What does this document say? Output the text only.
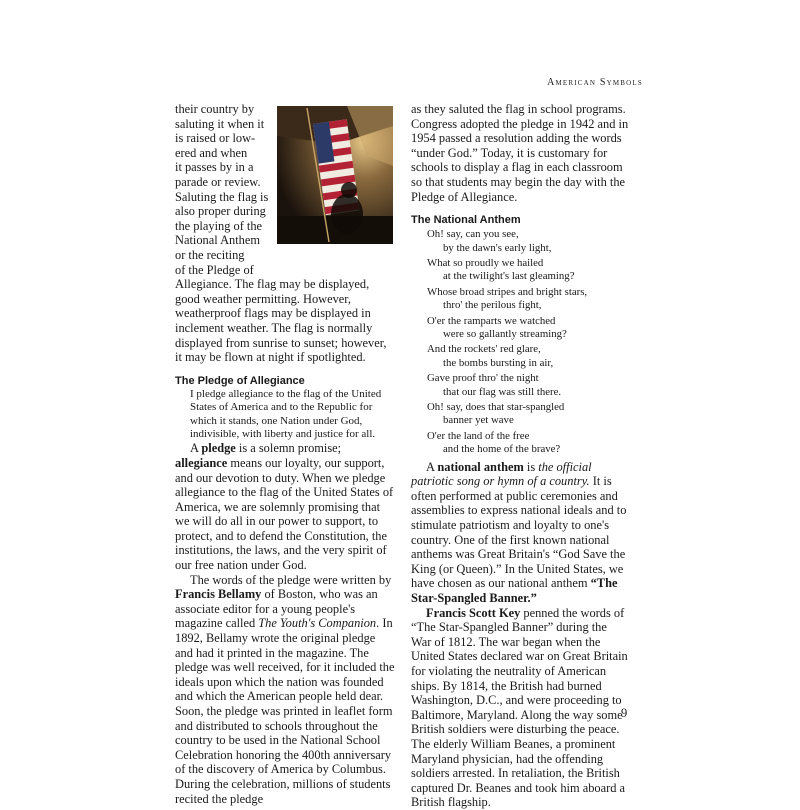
American Symbols

their country by
saluting it when it
is raised or low-
ered and when
it passes by in a
parade or review.
Saluting the flag is
also proper during
the playing of the
National Anthem
or the reciting
of the Pledge of
Allegiance. The flag may be displayed, good weather permitting. However, weatherproof flags may be displayed in inclement weather. The flag is normally displayed from sunrise to sunset; however, it may be flown at night if spotlighted.

The Pledge of Allegiance

I pledge allegiance to the flag of the United States of America and to the Republic for which it stands, one Nation under God, indivisible, with liberty and justice for all.

A pledge is a solemn promise; allegiance means our loyalty, our support, and our devotion to duty. When we pledge allegiance to the flag of the United States of America, we are solemnly promising that we will do all in our power to support, to protect, and to defend the Constitution, the institutions, the laws, and the very spirit of our free nation under God.

The words of the pledge were written by Francis Bellamy of Boston, who was an associate editor for a young people's magazine called The Youth's Companion. In 1892, Bellamy wrote the original pledge and had it printed in the magazine. The pledge was well received, for it included the ideals upon which the nation was founded and which the American people held dear. Soon, the pledge was printed in leaflet form and distributed to schools throughout the country to be used in the National School Celebration honoring the 400th anniversary of the discovery of America by Columbus. During the celebration, millions of students recited the pledge

as they saluted the flag in school programs. Congress adopted the pledge in 1942 and in 1954 passed a resolution adding the words “under God.” Today, it is customary for schools to display a flag in each classroom so that students may begin the day with the Pledge of Allegiance.

The National Anthem
Oh! say, can you see,
by the dawn's early light,
What so proudly we hailed
at the twilight's last gleaming?
Whose broad stripes and bright stars,
thro' the perilous fight,
O'er the ramparts we watched
were so gallantly streaming?
And the rockets' red glare,
the bombs bursting in air,
Gave proof thro' the night
that our flag was still there.
Oh! say, does that star-spangled
banner yet wave
O'er the land of the free
and the home of the brave?

A national anthem is the official patriotic song or hymn of a country. It is often performed at public ceremonies and assemblies to express national ideals and to stimulate patriotism and loyalty to one's country. One of the first known national anthems was Great Britain's “God Save the King (or Queen).” In the United States, we have chosen as our national anthem “The Star-Spangled Banner.”

Francis Scott Key penned the words of “The Star-Spangled Banner” during the War of 1812. The war began when the United States declared war on Great Britain for violating the neutrality of American ships. By 1814, the British had burned Washington, D.C., and were proceeding to Baltimore, Maryland. Along the way some British soldiers were disturbing the peace. The elderly William Beanes, a prominent Maryland physician, had the offending soldiers arrested. In retaliation, the British captured Dr. Beanes and took him aboard a British flagship.

9
